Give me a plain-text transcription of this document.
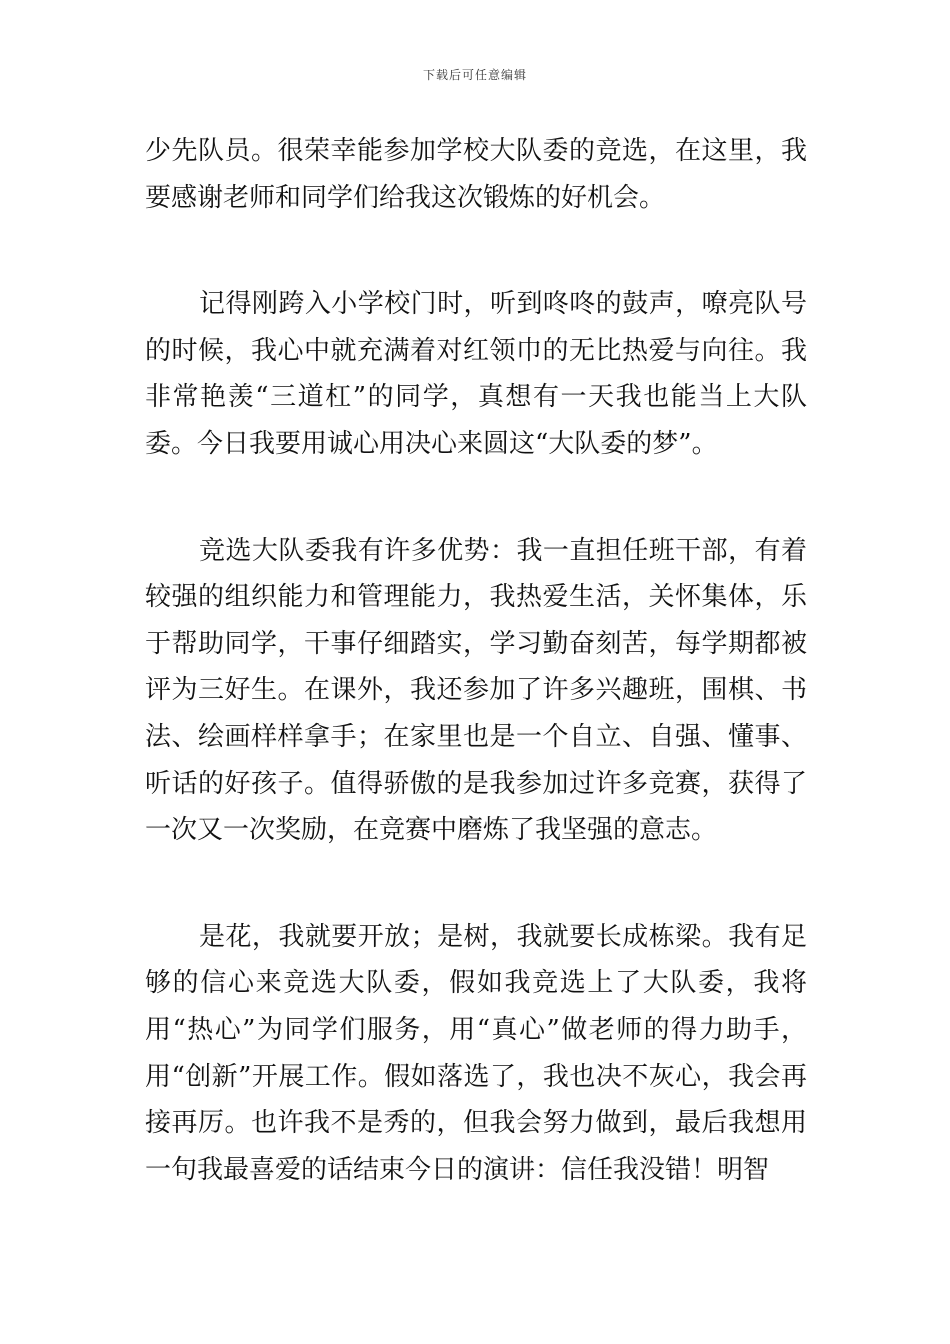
下载后可任意编辑

少先队员。很荣幸能参加学校大队委的竞选，在这里，我要感谢老师和同学们给我这次锻炼的好机会。

记得刚跨入小学校门时，听到咚咚的鼓声，嘹亮队号的时候，我心中就充满着对红领巾的无比热爱与向往。我非常艳羡“三道杠”的同学，真想有一天我也能当上大队委。今日我要用诚心用决心来圆这“大队委的梦”。

竞选大队委我有许多优势：我一直担任班干部，有着较强的组织能力和管理能力，我热爱生活，关怀集体，乐于帮助同学，干事仔细踏实，学习勤奋刻苦，每学期都被评为三好生。在课外，我还参加了许多兴趣班，围棋、书法、绘画样样拿手；在家里也是一个自立、自强、懂事、听话的好孩子。值得骄傲的是我参加过许多竞赛，获得了一次又一次奖励，在竞赛中磨炼了我坚强的意志。

是花，我就要开放；是树，我就要长成栋梁。我有足够的信心来竞选大队委，假如我竞选上了大队委，我将用“热心”为同学们服务，用“真心”做老师的得力助手，用“创新”开展工作。假如落选了，我也决不灰心，我会再接再厉。也许我不是秀的，但我会努力做到，最后我想用一句我最喜爱的话结束今日的演讲：信任我没错！明智
